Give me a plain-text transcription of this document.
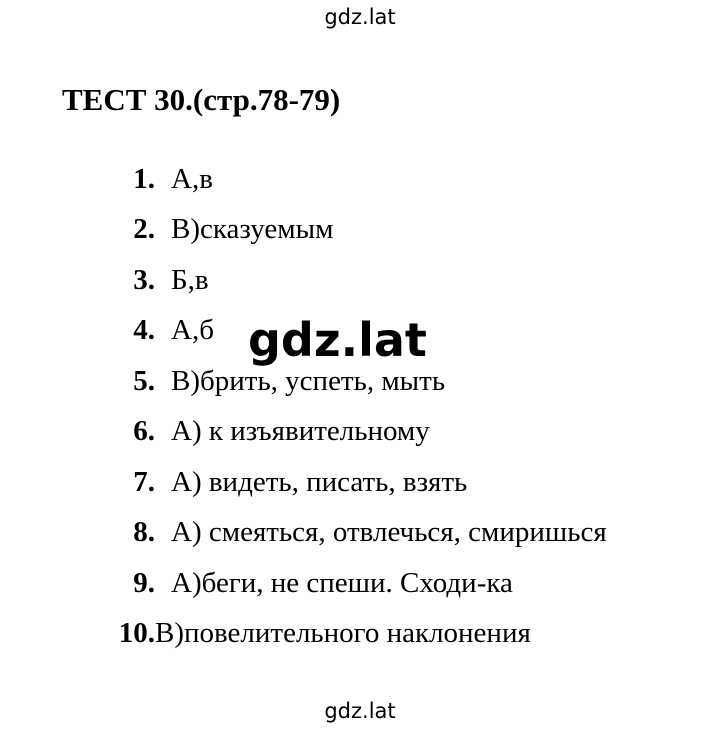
gdz.lat
ТЕСТ 30.(стр.78-79)
1. А,в
2. В)сказуемым
3. Б,в
4. А,б
5. В)брить, успеть, мыть
6. А) к изъявительному
7. А) видеть, писать, взять
8. А) смеяться, отвлечься, смиришься
9. А)беги, не спеши. Сходи-ка
10. В)повелительного наклонения
gdz.lat
gdz.lat
